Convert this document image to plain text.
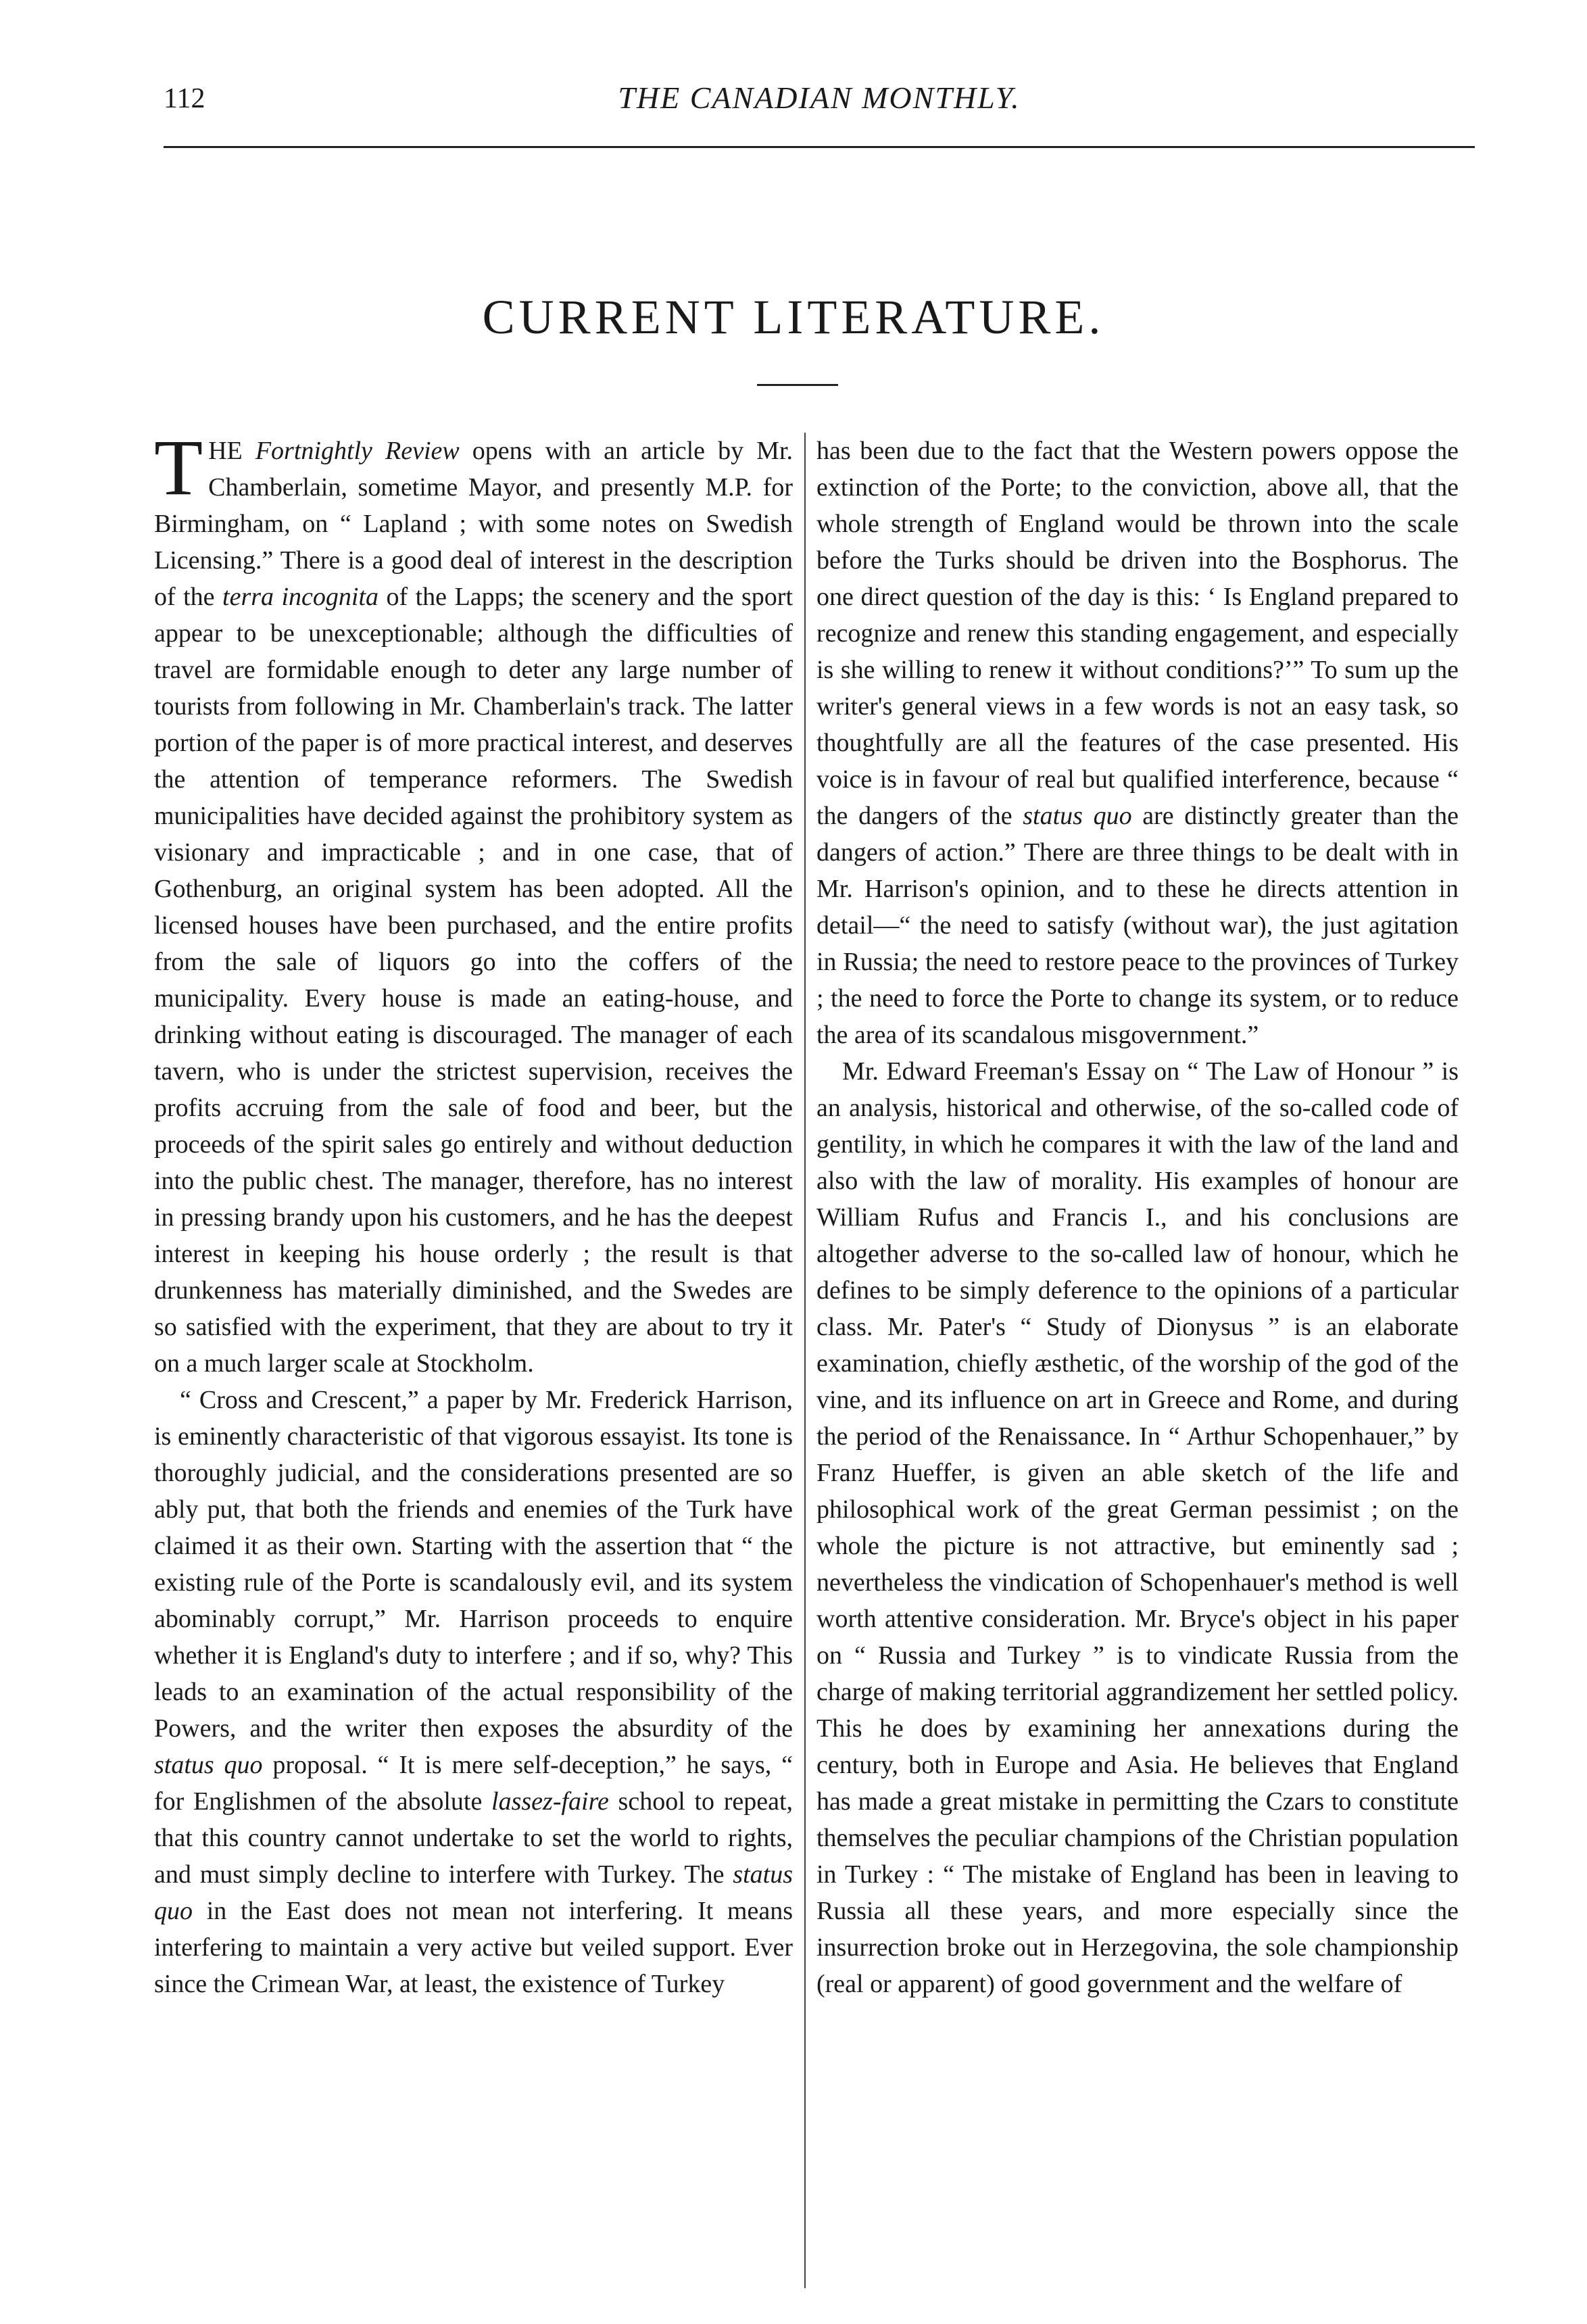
112	THE CANADIAN MONTHLY.
CURRENT LITERATURE.

THE Fortnightly Review opens with an article by Mr. Chamberlain, sometime Mayor, and presently M.P. for Birmingham, on “ Lapland ; with some notes on Swedish Licensing.” There is a good deal of interest in the description of the terra incognita of the Lapps; the scenery and the sport appear to be unexceptionable; although the difficulties of travel are formidable enough to deter any large number of tourists from following in Mr. Chamberlain's track. The latter portion of the paper is of more practical interest, and deserves the attention of temperance reformers. The Swedish municipalities have decided against the prohibitory system as visionary and impracticable ; and in one case, that of Gothenburg, an original system has been adopted. All the licensed houses have been purchased, and the entire profits from the sale of liquors go into the coffers of the municipality. Every house is made an eating-house, and drinking without eating is discouraged. The manager of each tavern, who is under the strictest supervision, receives the profits accruing from the sale of food and beer, but the proceeds of the spirit sales go entirely and without deduction into the public chest. The manager, therefore, has no interest in pressing brandy upon his customers, and he has the deepest interest in keeping his house orderly ; the result is that drunkenness has materially diminished, and the Swedes are so satisfied with the experiment, that they are about to try it on a much larger scale at Stockholm.

“ Cross and Crescent,” a paper by Mr. Frederick Harrison, is eminently characteristic of that vigorous essayist. Its tone is thoroughly judicial, and the considerations presented are so ably put, that both the friends and enemies of the Turk have claimed it as their own. Starting with the assertion that “ the existing rule of the Porte is scandalously evil, and its system abominably corrupt,” Mr. Harrison proceeds to enquire whether it is England's duty to interfere ; and if so, why? This leads to an examination of the actual responsibility of the Powers, and the writer then exposes the absurdity of the status quo proposal. “ It is mere self-deception,” he says, “ for Englishmen of the absolute lassez-faire school to repeat, that this country cannot undertake to set the world to rights, and must simply decline to interfere with Turkey. The status quo in the East does not mean not interfering. It means interfering to maintain a very active but veiled support. Ever since the Crimean War, at least, the existence of Turkey

has been due to the fact that the Western powers oppose the extinction of the Porte; to the conviction, above all, that the whole strength of England would be thrown into the scale before the Turks should be driven into the Bosphorus. The one direct question of the day is this: ‘ Is England prepared to recognize and renew this standing engagement, and especially is she willing to renew it without conditions?’” To sum up the writer's general views in a few words is not an easy task, so thoughtfully are all the features of the case presented. His voice is in favour of real but qualified interference, because “ the dangers of the status quo are distinctly greater than the dangers of action.” There are three things to be dealt with in Mr. Harrison's opinion, and to these he directs attention in detail—“ the need to satisfy (without war), the just agitation in Russia; the need to restore peace to the provinces of Turkey ; the need to force the Porte to change its system, or to reduce the area of its scandalous misgovernment.”

Mr. Edward Freeman's Essay on “ The Law of Honour ” is an analysis, historical and otherwise, of the so-called code of gentility, in which he compares it with the law of the land and also with the law of morality. His examples of honour are William Rufus and Francis I., and his conclusions are altogether adverse to the so-called law of honour, which he defines to be simply deference to the opinions of a particular class. Mr. Pater's “ Study of Dionysus ” is an elaborate examination, chiefly æsthetic, of the worship of the god of the vine, and its influence on art in Greece and Rome, and during the period of the Renaissance. In “ Arthur Schopenhauer,” by Franz Hueffer, is given an able sketch of the life and philosophical work of the great German pessimist ; on the whole the picture is not attractive, but eminently sad ; nevertheless the vindication of Schopenhauer's method is well worth attentive consideration. Mr. Bryce's object in his paper on “ Russia and Turkey ” is to vindicate Russia from the charge of making territorial aggrandizement her settled policy. This he does by examining her annexations during the century, both in Europe and Asia. He believes that England has made a great mistake in permitting the Czars to constitute themselves the peculiar champions of the Christian population in Turkey : “ The mistake of England has been in leaving to Russia all these years, and more especially since the insurrection broke out in Herzegovina, the sole championship (real or apparent) of good government and the welfare of
